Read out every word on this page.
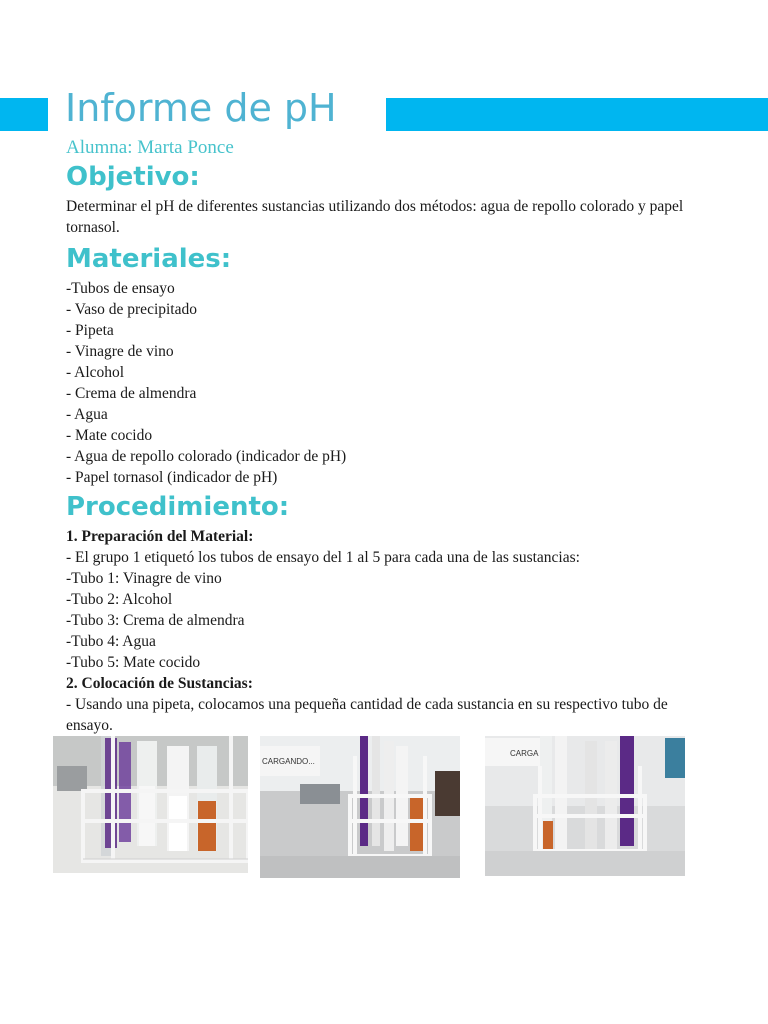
Informe de pH

Alumna: Marta Ponce

Objetivo:

Determinar el pH de diferentes sustancias utilizando dos métodos: agua de repollo colorado y papel tornasol.

Materiales:
-Tubos de ensayo
- Vaso de precipitado
- Pipeta
- Vinagre de vino
- Alcohol
- Crema de almendra
- Agua
- Mate cocido
- Agua de repollo colorado (indicador de pH)
- Papel tornasol (indicador de pH)
Procedimiento:

1. Preparación del Material:

- El grupo 1 etiquetó los tubos de ensayo del 1 al 5 para cada una de las sustancias:

-Tubo 1: Vinagre de vino
-Tubo 2: Alcohol
-Tubo 3: Crema de almendra
-Tubo 4: Agua
-Tubo 5: Mate cocido

2. Colocación de Sustancias:

- Usando una pipeta, colocamos una pequeña cantidad de cada sustancia en su respectivo tubo de ensayo.

CARGANDO...
CARGA
